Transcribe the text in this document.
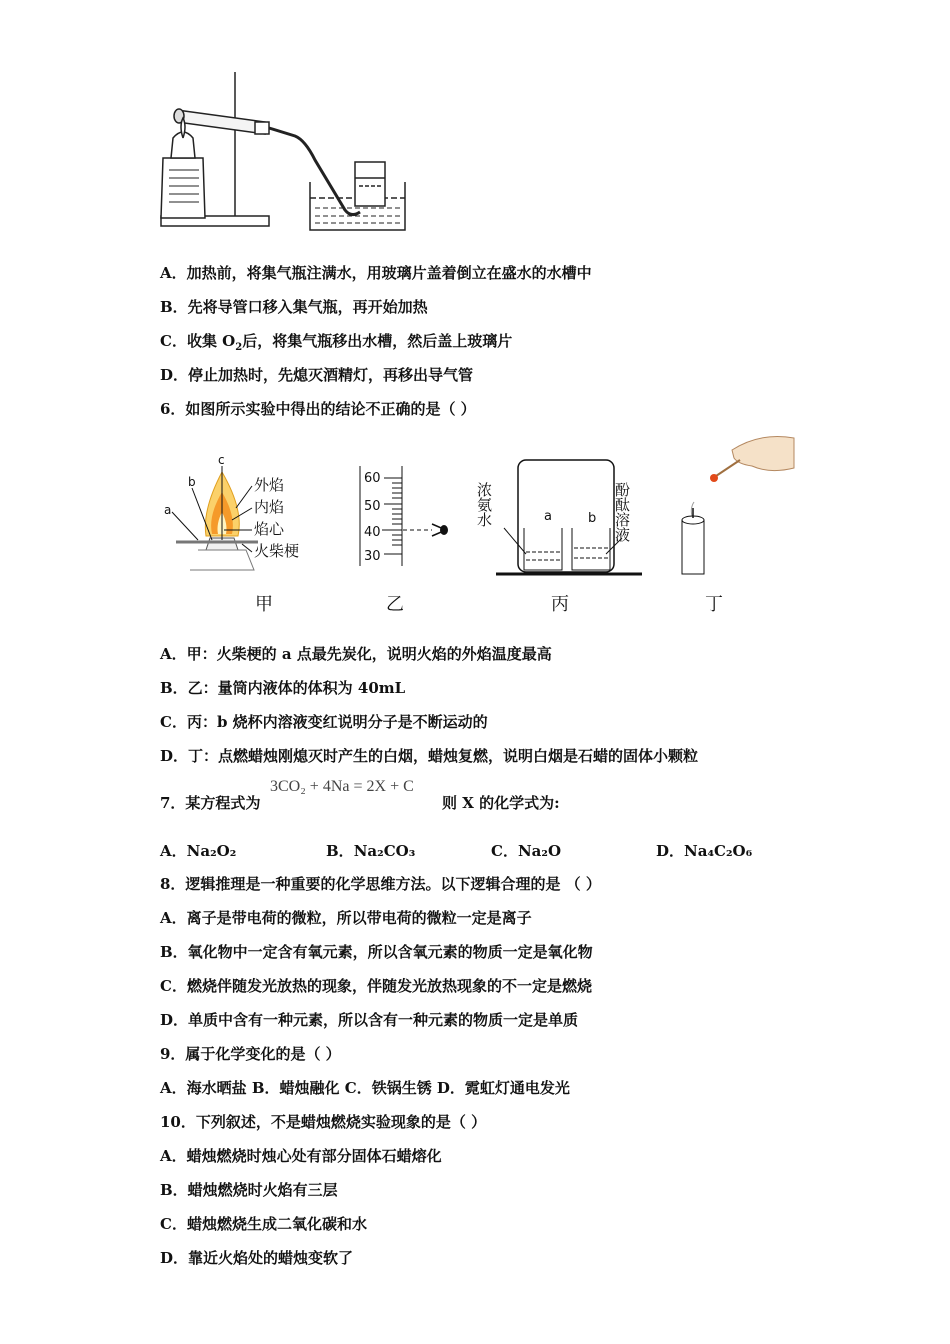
A．加热前，将集气瓶注满水，用玻璃片盖着倒立在盛水的水槽中
B．先将导管口移入集气瓶，再开始加热
C．收集 $O_2$后，将集气瓶移出水槽，然后盖上玻璃片
D．停止加热时，先熄灭酒精灯，再移出导气管
6．如图所示实验中得出的结论不正确的是（ ）
a
b
c
外焰
内焰
焰心
火柴梗
60
50
40
30
浓氨水	酚酞溶液
a	b
甲	乙	丙	丁
A．甲：火柴梗的 a 点最先炭化，说明火焰的外焰温度最高
B．乙：量筒内液体的体积为 40mL
C．丙：b 烧杯内溶液变红说明分子是不断运动的
D．丁：点燃蜡烛刚熄灭时产生的白烟，蜡烛复燃，说明白烟是石蜡的固体小颗粒
7．某方程式为
3CO₂ + 4Na = 2X + C
则 X 的化学式为:
A．Na₂O₂	B．Na₂CO₃	C．Na₂O	D．Na₄C₂O₆
8．逻辑推理是一种重要的化学思维方法。以下逻辑合理的是 （ ）
A．离子是带电荷的微粒，所以带电荷的微粒一定是离子
B．氧化物中一定含有氧元素，所以含氧元素的物质一定是氧化物
C．燃烧伴随发光放热的现象，伴随发光放热现象的不一定是燃烧
D．单质中含有一种元素，所以含有一种元素的物质一定是单质
9．属于化学变化的是（ ）
A．海水晒盐 B．蜡烛融化 C．铁锅生锈 D．霓虹灯通电发光
10．下列叙述，不是蜡烛燃烧实验现象的是（ ）
A．蜡烛燃烧时烛心处有部分固体石蜡熔化
B．蜡烛燃烧时火焰有三层
C．蜡烛燃烧生成二氧化碳和水
D．靠近火焰处的蜡烛变软了
